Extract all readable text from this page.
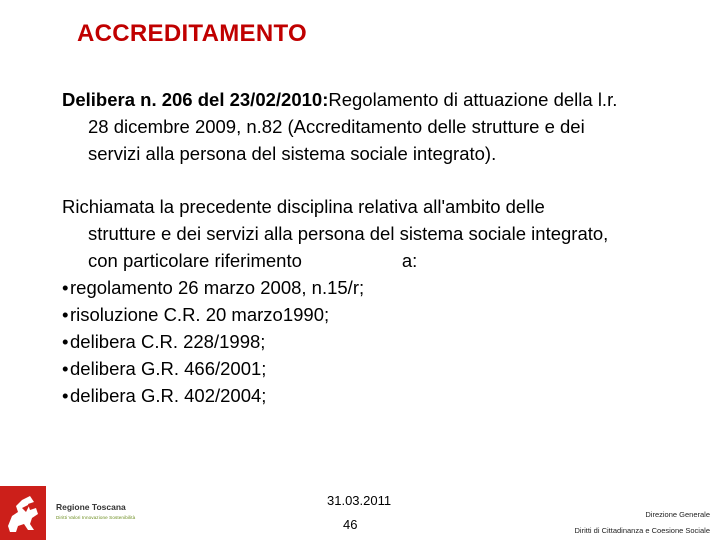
ACCREDITAMENTO
Delibera n. 206 del 23/02/2010:Regolamento di attuazione della l.r.
28 dicembre 2009, n.82 (Accreditamento delle strutture e dei
servizi alla persona del sistema sociale integrato).
Richiamata la precedente disciplina relativa all'ambito delle
strutture e dei servizi alla persona del sistema sociale integrato,
con particolare riferimento	a:
•regolamento 26 marzo 2008, n.15/r;
•risoluzione C.R. 20 marzo1990;
•delibera C.R. 228/1998;
•delibera G.R. 466/2001;
•delibera G.R. 402/2004;
Regione Toscana
Diritti Valori Innovazione Sostenibilità
31.03.2011
46
Direzione Generale
Diritti di Cittadinanza e Coesione Sociale
